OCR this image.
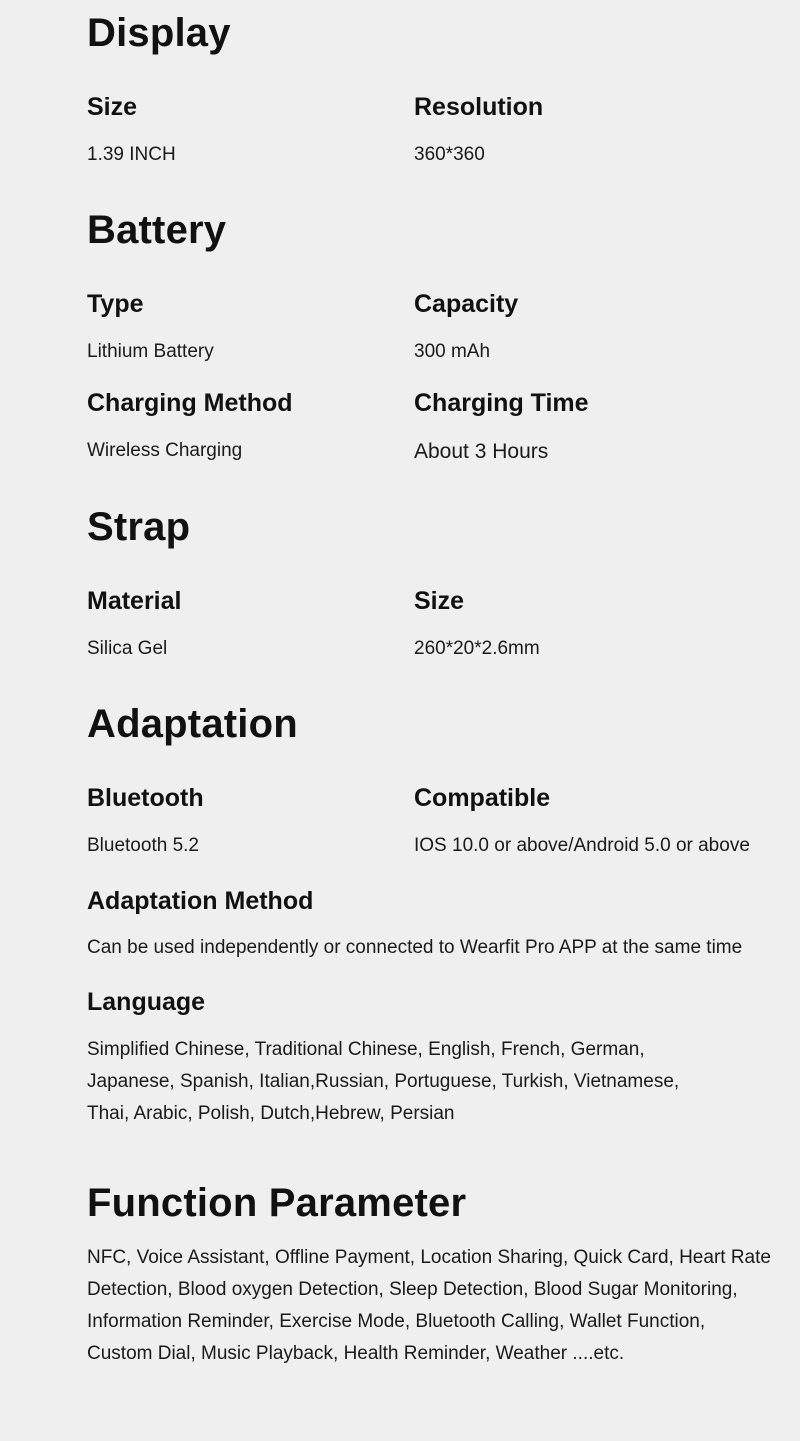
Display
Size
1.39 INCH
Resolution
360*360
Battery
Type
Lithium Battery
Capacity
300 mAh
Charging Method
Wireless Charging
Charging Time
About 3 Hours
Strap
Material
Silica Gel
Size
260*20*2.6mm
Adaptation
Bluetooth
Bluetooth 5.2
Compatible
IOS 10.0 or above/Android 5.0 or above
Adaptation Method
Can be used independently or connected to Wearfit Pro APP at the same time
Language
Simplified Chinese, Traditional Chinese, English, French, German,
Japanese, Spanish, Italian,Russian, Portuguese, Turkish, Vietnamese,
Thai, Arabic, Polish, Dutch,Hebrew, Persian
Function Parameter
NFC, Voice Assistant, Offline Payment, Location Sharing, Quick Card, Heart Rate
Detection, Blood oxygen Detection, Sleep Detection, Blood Sugar Monitoring,
Information Reminder, Exercise Mode, Bluetooth Calling, Wallet Function,
Custom Dial, Music Playback, Health Reminder, Weather ....etc.
